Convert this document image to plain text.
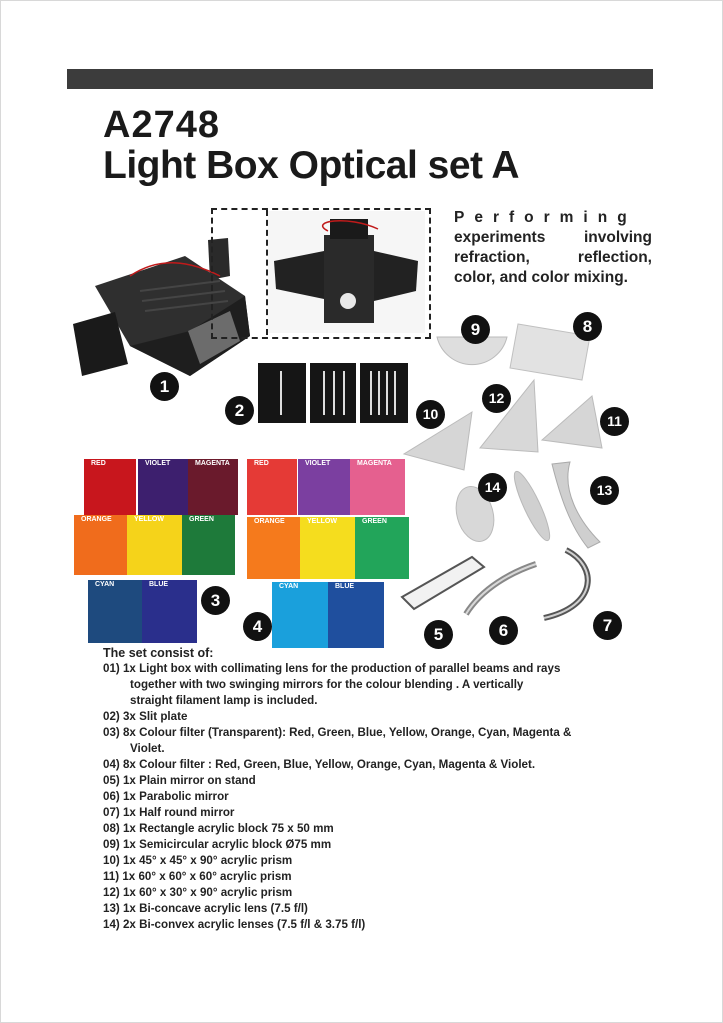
A2748
Light Box Optical set A
Performing
experiments involving refraction, reflection, color, and color mixing.
RED	VIOLET	MAGENTA
ORANGE	YELLOW	GREEN
CYAN	BLUE
RED	VIOLET	MAGENTA
ORANGE	YELLOW	GREEN
CYAN	BLUE
1
2
3
4	5	6	7
8
9
10	11
12
13
14
The set consist of:
01) 1x Light box with collimating lens for the production of parallel beams and rays
together with two swinging mirrors for the colour blending . A vertically
straight filament lamp is included.
02) 3x Slit plate
03) 8x Colour filter (Transparent): Red, Green, Blue, Yellow, Orange, Cyan, Magenta &
Violet.
04) 8x Colour filter : Red, Green, Blue, Yellow, Orange, Cyan, Magenta & Violet.
05) 1x Plain mirror on stand
06) 1x Parabolic mirror
07) 1x Half round mirror
08) 1x Rectangle acrylic block 75 x 50 mm
09) 1x Semicircular acrylic block Ø75 mm
10) 1x 45° x 45° x 90° acrylic prism
11) 1x 60° x 60° x 60° acrylic prism
12) 1x 60° x 30° x 90° acrylic prism
13) 1x Bi-concave acrylic lens (7.5 f/l)
14) 2x Bi-convex acrylic lenses (7.5 f/l & 3.75 f/l)
